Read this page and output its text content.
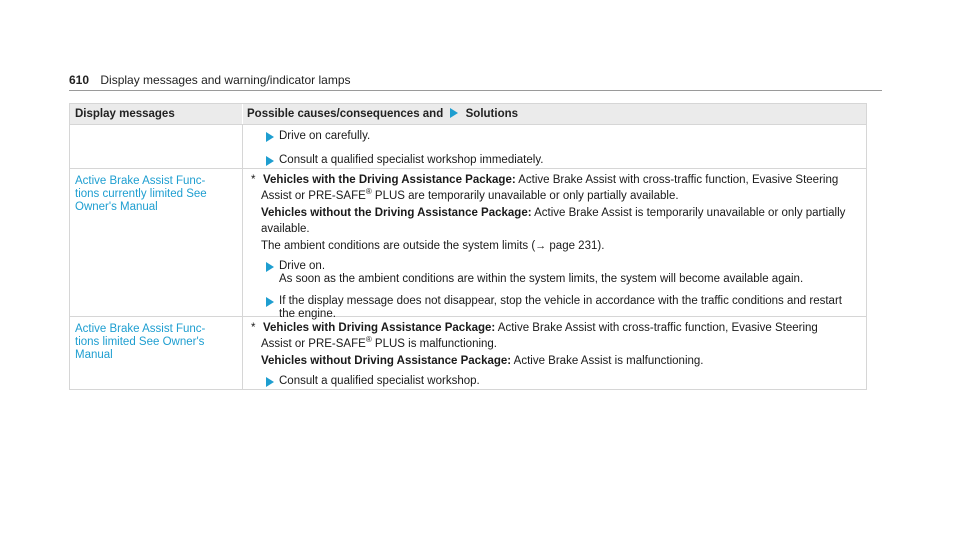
610 Display messages and warning/indicator lamps
Display messages	Possible causes/consequences and Solutions
Drive on carefully.
Consult a qualified specialist workshop immediately.
Active Brake Assist Func-
tions currently limited See
Owner's Manual

* Vehicles with the Driving Assistance Package: Active Brake Assist with cross-traffic function, Evasive Steering
Assist or PRE-SAFE® PLUS are temporarily unavailable or only partially available.

Vehicles without the Driving Assistance Package: Active Brake Assist is temporarily unavailable or only partially
available.

The ambient conditions are outside the system limits (→ page 231).

Drive on.
As soon as the ambient conditions are within the system limits, the system will become available again.
If the display message does not disappear, stop the vehicle in accordance with the traffic conditions and restart
the engine.
Active Brake Assist Func-
tions limited See Owner's
Manual

* Vehicles with Driving Assistance Package: Active Brake Assist with cross-traffic function, Evasive Steering
Assist or PRE-SAFE® PLUS is malfunctioning.

Vehicles without Driving Assistance Package: Active Brake Assist is malfunctioning.

Consult a qualified specialist workshop.
